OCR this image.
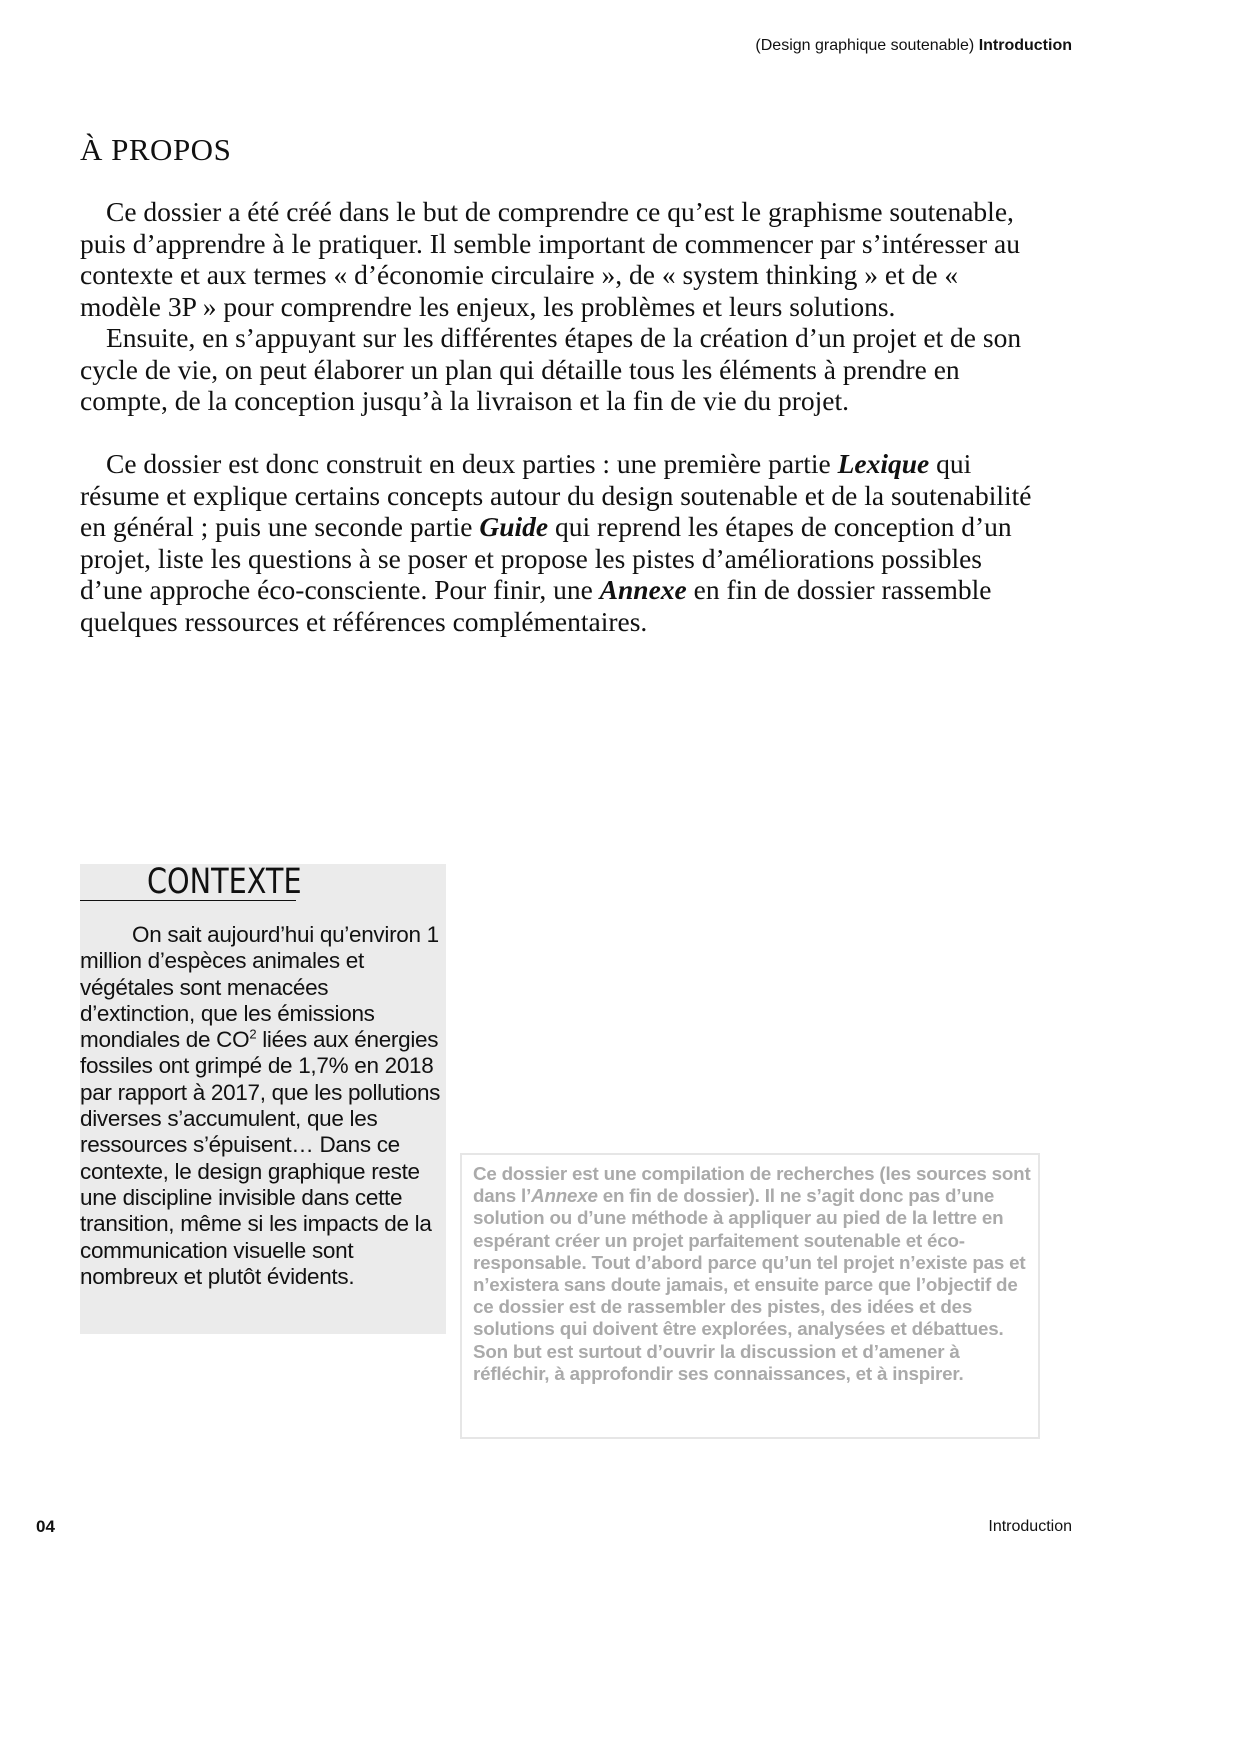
(Design graphique soutenable) Introduction
À PROPOS

Ce dossier a été créé dans le but de comprendre ce qu’est le graphisme soutenable, puis d’apprendre à le pratiquer. Il semble important de commencer par s’intéresser au contexte et aux termes « d’économie circulaire », de « system thinking » et de « modèle 3P » pour comprendre les enjeux, les problèmes et leurs solutions.

Ensuite, en s’appuyant sur les différentes étapes de la création d’un projet et de son cycle de vie, on peut élaborer un plan qui détaille tous les éléments à prendre en compte, de la conception jusqu’à la livraison et la fin de vie du projet.

Ce dossier est donc construit en deux parties : une première partie Lexique qui résume et explique certains concepts autour du design soutenable et de la soutenabilité en général ; puis une seconde partie Guide qui reprend les étapes de conception d’un projet, liste les questions à se poser et propose les pistes d’améliorations possibles d’une approche éco-consciente. Pour finir, une Annexe en fin de dossier rassemble quelques ressources et références complémentaires.

CONTEXTE

On sait aujourd’hui qu’environ 1 million d’espèces animales et végétales sont menacées d’extinction, que les émissions mondiales de $CO^2$ liées aux énergies fossiles ont grimpé de 1,7% en 2018 par rapport à 2017, que les pollutions diverses s’accumulent, que les ressources s’épuisent… Dans ce contexte, le design graphique reste une discipline invisible dans cette transition, même si les impacts de la communication visuelle sont nombreux et plutôt évidents.

Ce dossier est une compilation de recherches (les sources sont dans l’Annexe en fin de dossier). Il ne s’agit donc pas d’une solution ou d’une méthode à appliquer au pied de la lettre en espérant créer un projet parfaitement soutenable et éco-responsable. Tout d’abord parce qu’un tel projet n’existe pas et n’existera sans doute jamais, et ensuite parce que l’objectif de ce dossier est de rassembler des pistes, des idées et des solutions qui doivent être explorées, analysées et débattues. Son but est surtout d’ouvrir la discussion et d’amener à réfléchir, à approfondir ses connaissances, et à inspirer.

04	Introduction
